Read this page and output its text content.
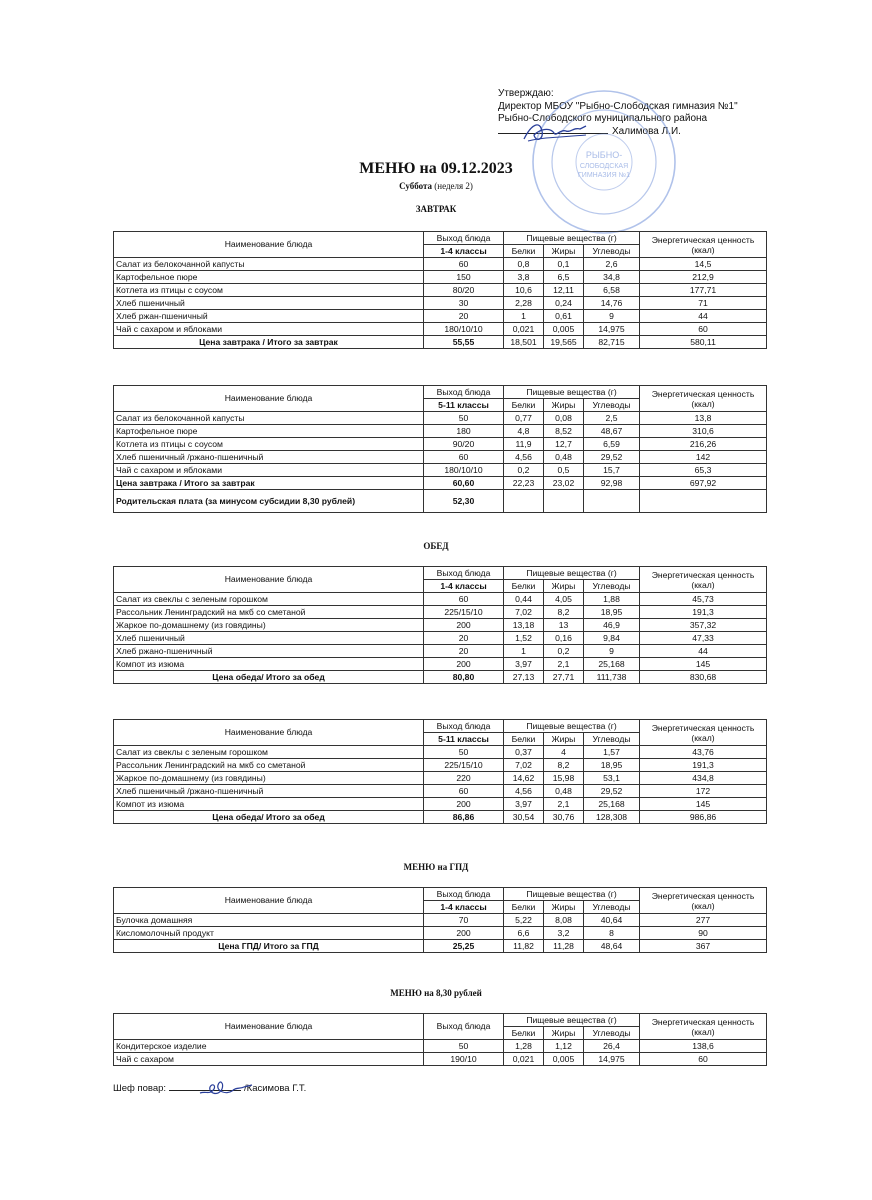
Утверждаю:
Директор МБОУ "Рыбно-Слободская гимназия №1"
Рыбно-Слободского муниципального района
Халимова Л.И.
РЫБНО-
СЛОБОДСКАЯ
ГИМНАЗИЯ №1
МЕНЮ на 09.12.2023
Суббота (неделя 2)
ЗАВТРАК
Наименование блюда	Выход блюда	Пищевые вещества (г)			Энергетическая ценность (ккал)
	1-4 классы	Белки	Жиры	Углеводы	
Салат из белокочанной капусты	60	0,8	0,1	2,6	14,5
Картофельное пюре	150	3,8	6,5	34,8	212,9
Котлета из птицы с соусом	80/20	10,6	12,11	6,58	177,71
Хлеб пшеничный	30	2,28	0,24	14,76	71
Хлеб ржан-пшеничный	20	1	0,61	9	44
Чай с сахаром и яблоками	180/10/10	0,021	0,005	14,975	60
Цена завтрака / Итого за завтрак	55,55	18,501	19,565	82,715	580,11
Наименование блюда	Выход блюда	Пищевые вещества (г)			Энергетическая ценность (ккал)
	5-11 классы	Белки	Жиры	Углеводы	
Салат из белокочанной капусты	50	0,77	0,08	2,5	13,8
Картофельное пюре	180	4,8	8,52	48,67	310,6
Котлета из птицы с соусом	90/20	11,9	12,7	6,59	216,26
Хлеб пшеничный /ржано-пшеничный	60	4,56	0,48	29,52	142
Чай с сахаром и яблоками	180/10/10	0,2	0,5	15,7	65,3
Цена завтрака / Итого за завтрак	60,60	22,23	23,02	92,98	697,92
Родительская плата (за минусом субсидии 8,30 рублей)	52,30				
ОБЕД
Наименование блюда	Выход блюда	Пищевые вещества (г)			Энергетическая ценность (ккал)
	1-4 классы	Белки	Жиры	Углеводы	
Салат из свеклы с зеленым горошком	60	0,44	4,05	1,88	45,73
Рассольник Ленинградский на мкб со сметаной	225/15/10	7,02	8,2	18,95	191,3
Жаркое по-домашнему (из говядины)	200	13,18	13	46,9	357,32
Хлеб пшеничный	20	1,52	0,16	9,84	47,33
Хлеб ржано-пшеничный	20	1	0,2	9	44
Компот из изюма	200	3,97	2,1	25,168	145
Цена обеда/ Итого за обед	80,80	27,13	27,71	111,738	830,68
Наименование блюда	Выход блюда	Пищевые вещества (г)			Энергетическая ценность (ккал)
	5-11 классы	Белки	Жиры	Углеводы	
Салат из свеклы с зеленым горошком	50	0,37	4	1,57	43,76
Рассольник Ленинградский на мкб со сметаной	225/15/10	7,02	8,2	18,95	191,3
Жаркое по-домашнему (из говядины)	220	14,62	15,98	53,1	434,8
Хлеб пшеничный /ржано-пшеничный	60	4,56	0,48	29,52	172
Компот из изюма	200	3,97	2,1	25,168	145
Цена обеда/ Итого за обед	86,86	30,54	30,76	128,308	986,86
МЕНЮ на ГПД
Наименование блюда	Выход блюда	Пищевые вещества (г)			Энергетическая ценность (ккал)
	1-4 классы	Белки	Жиры	Углеводы	
Булочка домашняя	70	5,22	8,08	40,64	277
Кисломолочный продукт	200	6,6	3,2	8	90
Цена ГПД/ Итого за ГПД	25,25	11,82	11,28	48,64	367
МЕНЮ на 8,30 рублей
Наименование блюда	Выход блюда	Пищевые вещества (г)			Энергетическая ценность (ккал)
		Белки	Жиры	Углеводы	
Кондитерское изделие	50	1,28	1,12	26,4	138,6
Чай с сахаром	190/10	0,021	0,005	14,975	60
Шеф повар:	/Касимова Г.Т.
